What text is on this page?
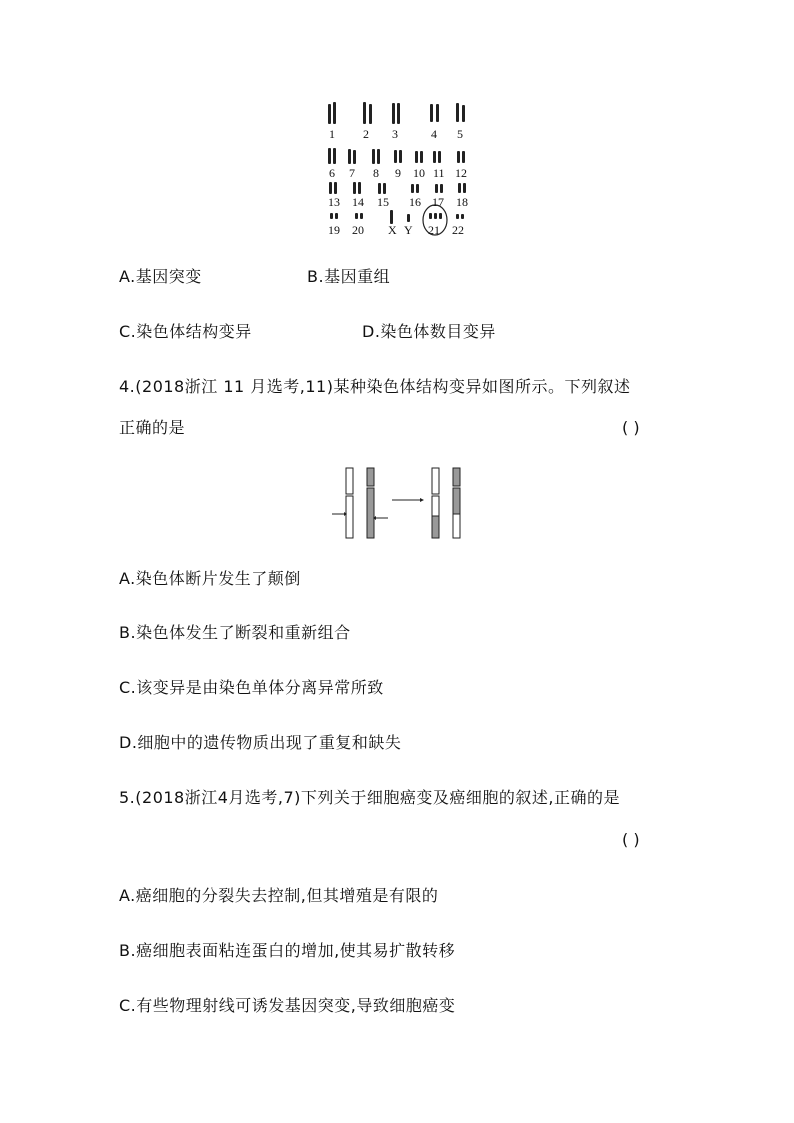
1 2 3	4 5
6 7 8 9 10 11 12
13 14 15 16 17 18
19 20 X Y 21 22
A.基因突变	B.基因重组
C.染色体结构变异	D.染色体数目变异
4.(2018浙江 11 月选考,11)某种染色体结构变异如图所示。下列叙述
正确的是	( )
A.染色体断片发生了颠倒
B.染色体发生了断裂和重新组合
C.该变异是由染色单体分离异常所致
D.细胞中的遗传物质出现了重复和缺失
5.(2018浙江4月选考,7)下列关于细胞癌变及癌细胞的叙述,正确的是
( )
A.癌细胞的分裂失去控制,但其增殖是有限的
B.癌细胞表面粘连蛋白的增加,使其易扩散转移
C.有些物理射线可诱发基因突变,导致细胞癌变
